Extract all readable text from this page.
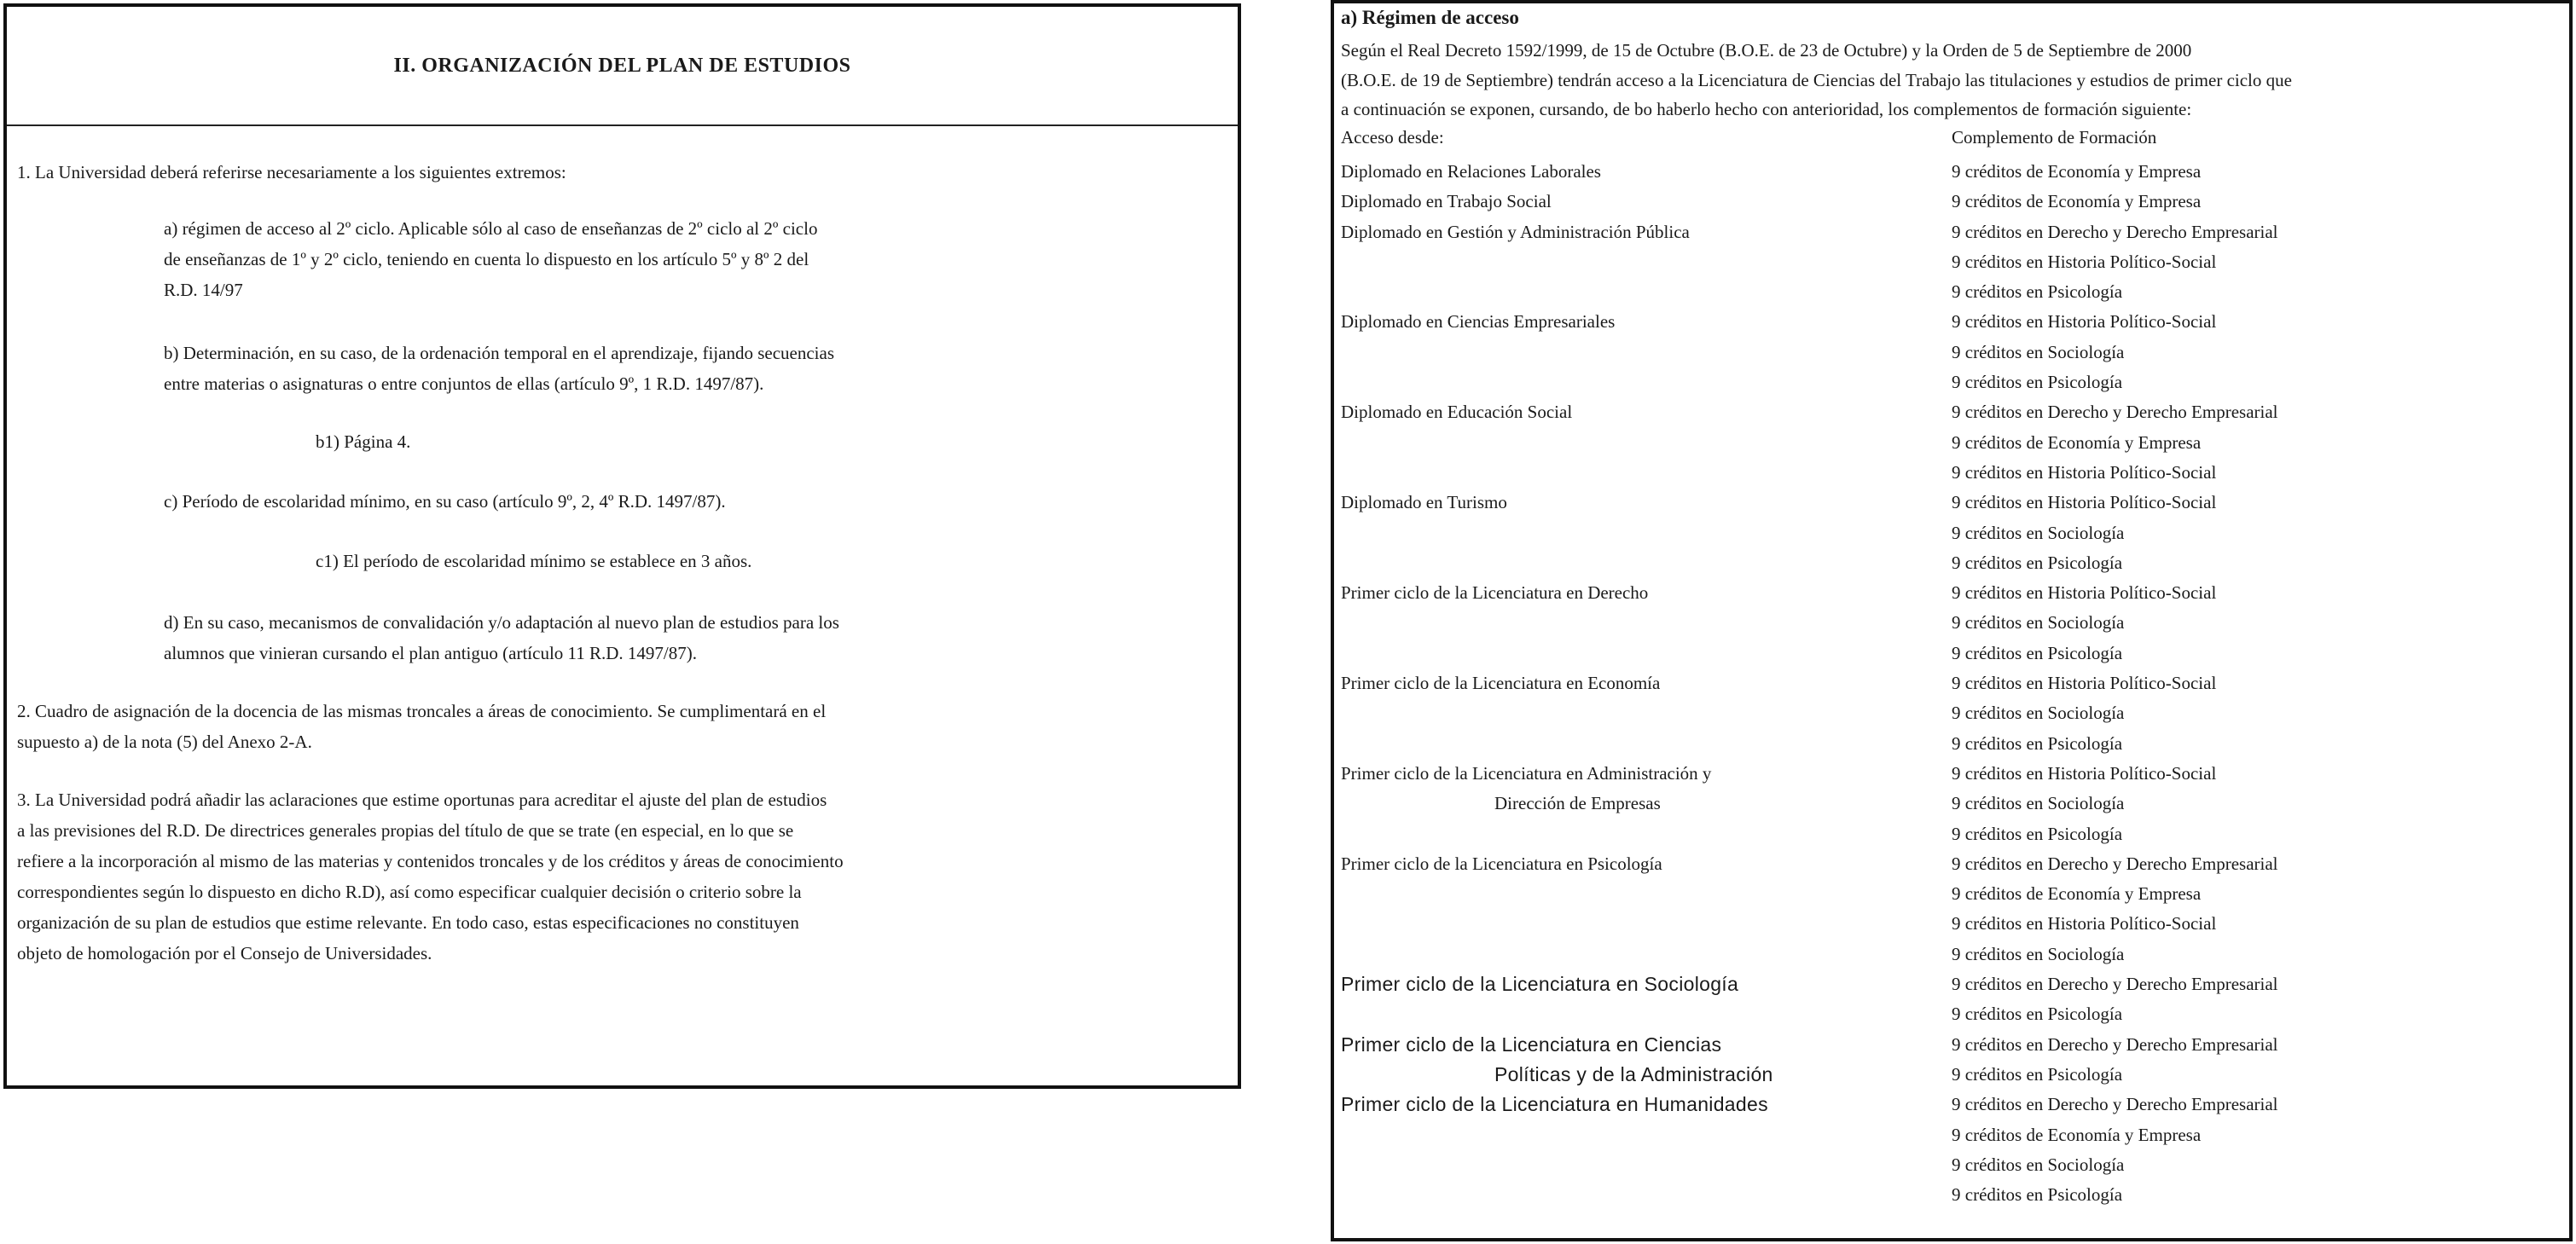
II. ORGANIZACIÓN DEL PLAN DE ESTUDIOS

1. La Universidad deberá referirse necesariamente a los siguientes extremos:

a) régimen de acceso al 2º ciclo. Aplicable sólo al caso de enseñanzas de 2º ciclo al 2º ciclo
de enseñanzas de 1º y 2º ciclo, teniendo en cuenta lo dispuesto en los artículo 5º y 8º 2 del
R.D. 14/97

b) Determinación, en su caso, de la ordenación temporal en el aprendizaje, fijando secuencias
entre materias o asignaturas o entre conjuntos de ellas (artículo 9º, 1 R.D. 1497/87).

b1) Página 4.

c) Período de escolaridad mínimo, en su caso (artículo 9º, 2, 4º R.D. 1497/87).

c1) El período de escolaridad mínimo se establece en 3 años.

d) En su caso, mecanismos de convalidación y/o adaptación al nuevo plan de estudios para los
alumnos que vinieran cursando el plan antiguo (artículo 11 R.D. 1497/87).

2. Cuadro de asignación de la docencia de las mismas troncales a áreas de conocimiento. Se cumplimentará en el
supuesto a) de la nota (5) del Anexo 2-A.

3. La Universidad podrá añadir las aclaraciones que estime oportunas para acreditar el ajuste del plan de estudios
a las previsiones del R.D. De directrices generales propias del título de que se trate (en especial, en lo que se
refiere a la incorporación al mismo de las materias y contenidos troncales y de los créditos y áreas de conocimiento
correspondientes según lo dispuesto en dicho R.D), así como especificar cualquier decisión o criterio sobre la
organización de su plan de estudios que estime relevante. En todo caso, estas especificaciones no constituyen
objeto de homologación por el Consejo de Universidades.

a) Régimen de acceso
Según el Real Decreto 1592/1999, de 15 de Octubre (B.O.E. de 23 de Octubre) y la Orden de 5 de Septiembre de 2000
(B.O.E. de 19 de Septiembre) tendrán acceso a la Licenciatura de Ciencias del Trabajo las titulaciones y estudios de primer ciclo que
a continuación se exponen, cursando, de bo haberlo hecho con anterioridad, los complementos de formación siguiente:
Acceso desde:	Complemento de Formación
Diplomado en Relaciones Laborales	9 créditos de Economía y Empresa
Diplomado en Trabajo Social	9 créditos de Economía y Empresa
Diplomado en Gestión y Administración Pública	9 créditos en Derecho y Derecho Empresarial
9 créditos en Historia Político-Social
9 créditos en Psicología
Diplomado en Ciencias Empresariales	9 créditos en Historia Político-Social
9 créditos en Sociología
9 créditos en Psicología
Diplomado en Educación Social	9 créditos en Derecho y Derecho Empresarial
9 créditos de Economía y Empresa
9 créditos en Historia Político-Social
Diplomado en Turismo	9 créditos en Historia Político-Social
9 créditos en Sociología
9 créditos en Psicología
Primer ciclo de la Licenciatura en Derecho	9 créditos en Historia Político-Social
9 créditos en Sociología
9 créditos en Psicología
Primer ciclo de la Licenciatura en Economía	9 créditos en Historia Político-Social
9 créditos en Sociología
9 créditos en Psicología
Primer ciclo de la Licenciatura en Administración y
Dirección de Empresas
9 créditos en Historia Político-Social
9 créditos en Sociología
9 créditos en Psicología
Primer ciclo de la Licenciatura en Psicología	9 créditos en Derecho y Derecho Empresarial
9 créditos de Economía y Empresa
9 créditos en Historia Político-Social
9 créditos en Sociología
Primer ciclo de la Licenciatura en Sociología	9 créditos en Derecho y Derecho Empresarial
9 créditos en Psicología
Primer ciclo de la Licenciatura en Ciencias
Políticas y de la Administración
9 créditos en Derecho y Derecho Empresarial
9 créditos en Psicología
Primer ciclo de la Licenciatura en Humanidades	9 créditos en Derecho y Derecho Empresarial
9 créditos de Economía y Empresa
9 créditos en Sociología
9 créditos en Psicología
